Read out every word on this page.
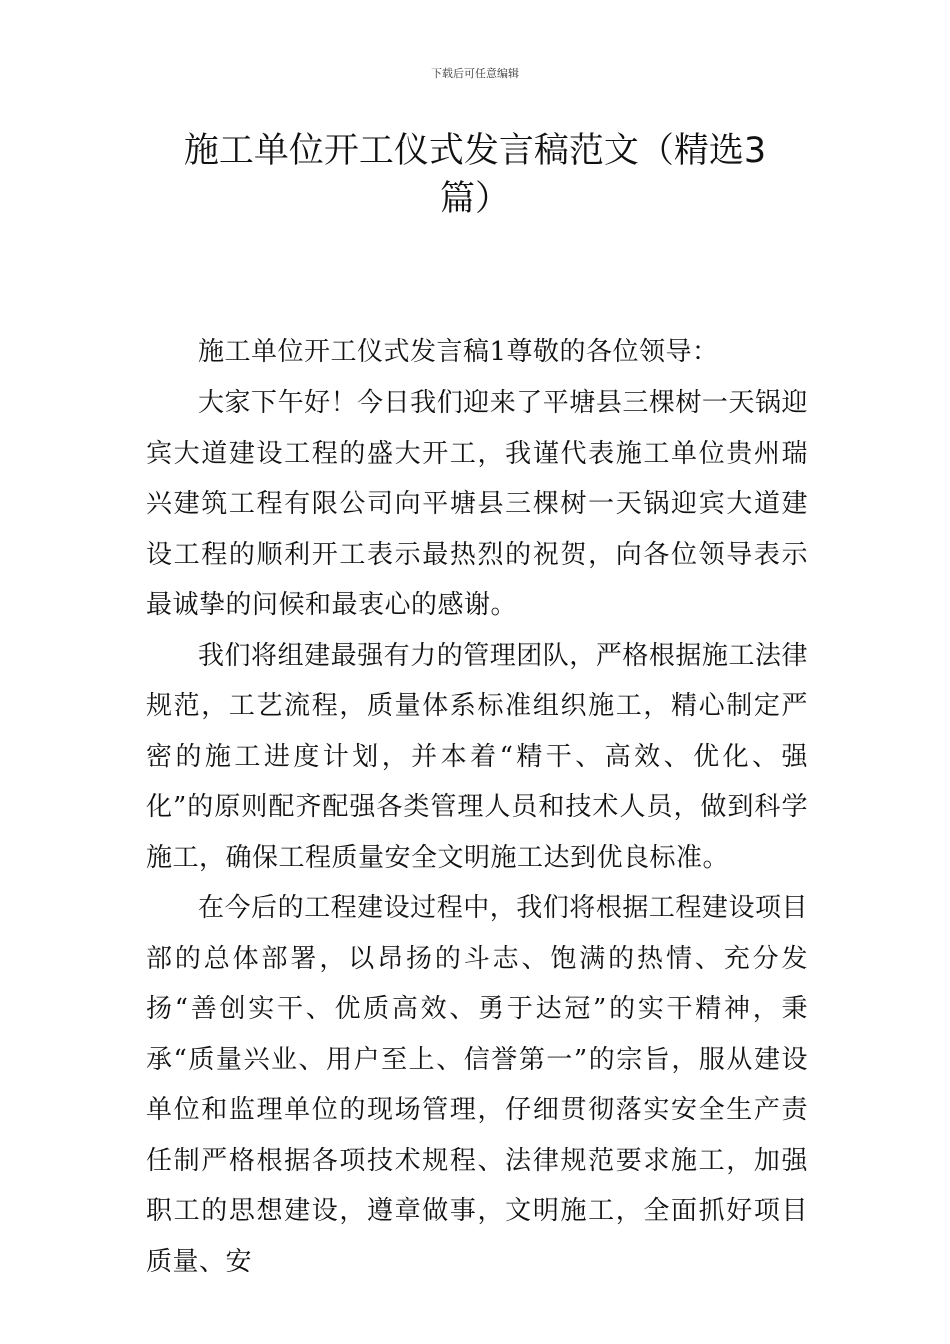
下载后可任意编辑
施工单位开工仪式发言稿范文（精选3
篇）

施工单位开工仪式发言稿1尊敬的各位领导：

大家下午好！今日我们迎来了平塘县三棵树一天锅迎宾大道建设工程的盛大开工，我谨代表施工单位贵州瑞兴建筑工程有限公司向平塘县三棵树一天锅迎宾大道建设工程的顺利开工表示最热烈的祝贺，向各位领导表示最诚挚的问候和最衷心的感谢。

我们将组建最强有力的管理团队，严格根据施工法律规范，工艺流程，质量体系标准组织施工，精心制定严密的施工进度计划，并本着“精干、高效、优化、强化”的原则配齐配强各类管理人员和技术人员，做到科学施工，确保工程质量安全文明施工达到优良标准。

在今后的工程建设过程中，我们将根据工程建设项目部的总体部署，以昂扬的斗志、饱满的热情、充分发扬“善创实干、优质高效、勇于达冠”的实干精神，秉承“质量兴业、用户至上、信誉第一”的宗旨，服从建设单位和监理单位的现场管理，仔细贯彻落实安全生产责任制严格根据各项技术规程、法律规范要求施工，加强职工的思想建设，遵章做事，文明施工，全面抓好项目质量、安
